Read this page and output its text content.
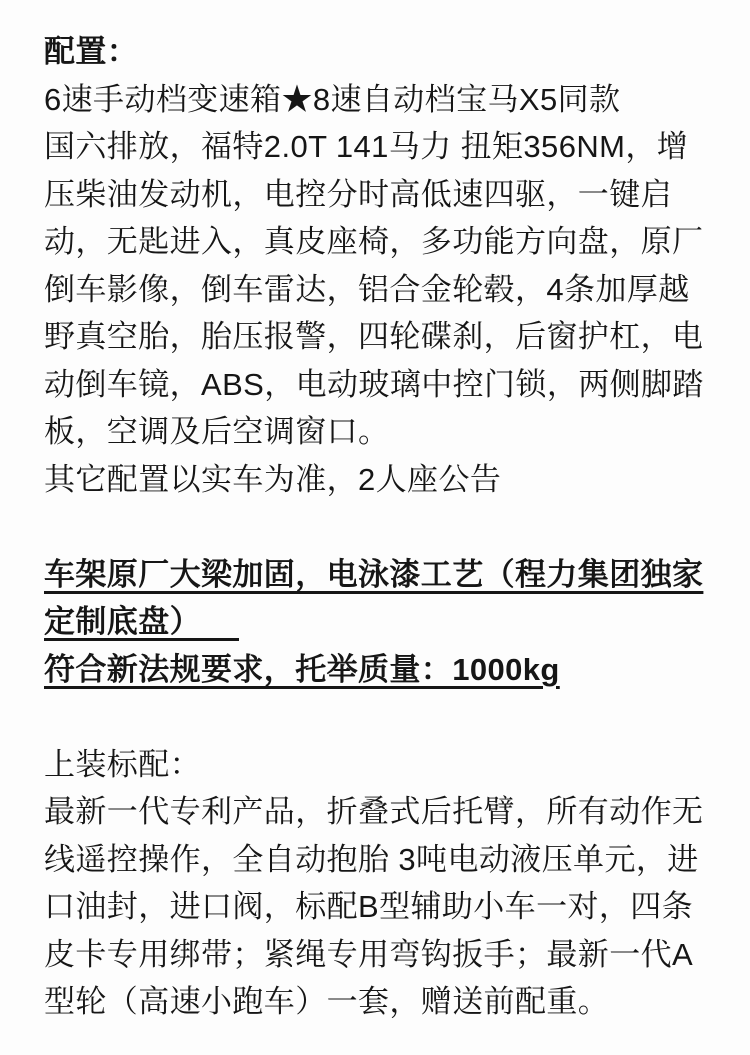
配置：
6速手动档变速箱★8速自动档宝马X5同款
国六排放，福特2.0T 141马力 扭矩356NM，增
压柴油发动机，电控分时高低速四驱，一键启
动，无匙进入，真皮座椅，多功能方向盘，原厂
倒车影像，倒车雷达，铝合金轮毂，4条加厚越
野真空胎，胎压报警，四轮碟刹，后窗护杠，电
动倒车镜，ABS，电动玻璃中控门锁，两侧脚踏
板，空调及后空调窗口。
其它配置以实车为准，2人座公告
车架原厂大梁加固，电泳漆工艺（程力集团独家
定制底盘）
符合新法规要求，托举质量：1000kg
上装标配：
最新一代专利产品，折叠式后托臂，所有动作无
线遥控操作，全自动抱胎 3吨电动液压单元，进
口油封，进口阀，标配B型辅助小车一对，四条
皮卡专用绑带；紧绳专用弯钩扳手；最新一代A
型轮（高速小跑车）一套，赠送前配重。
